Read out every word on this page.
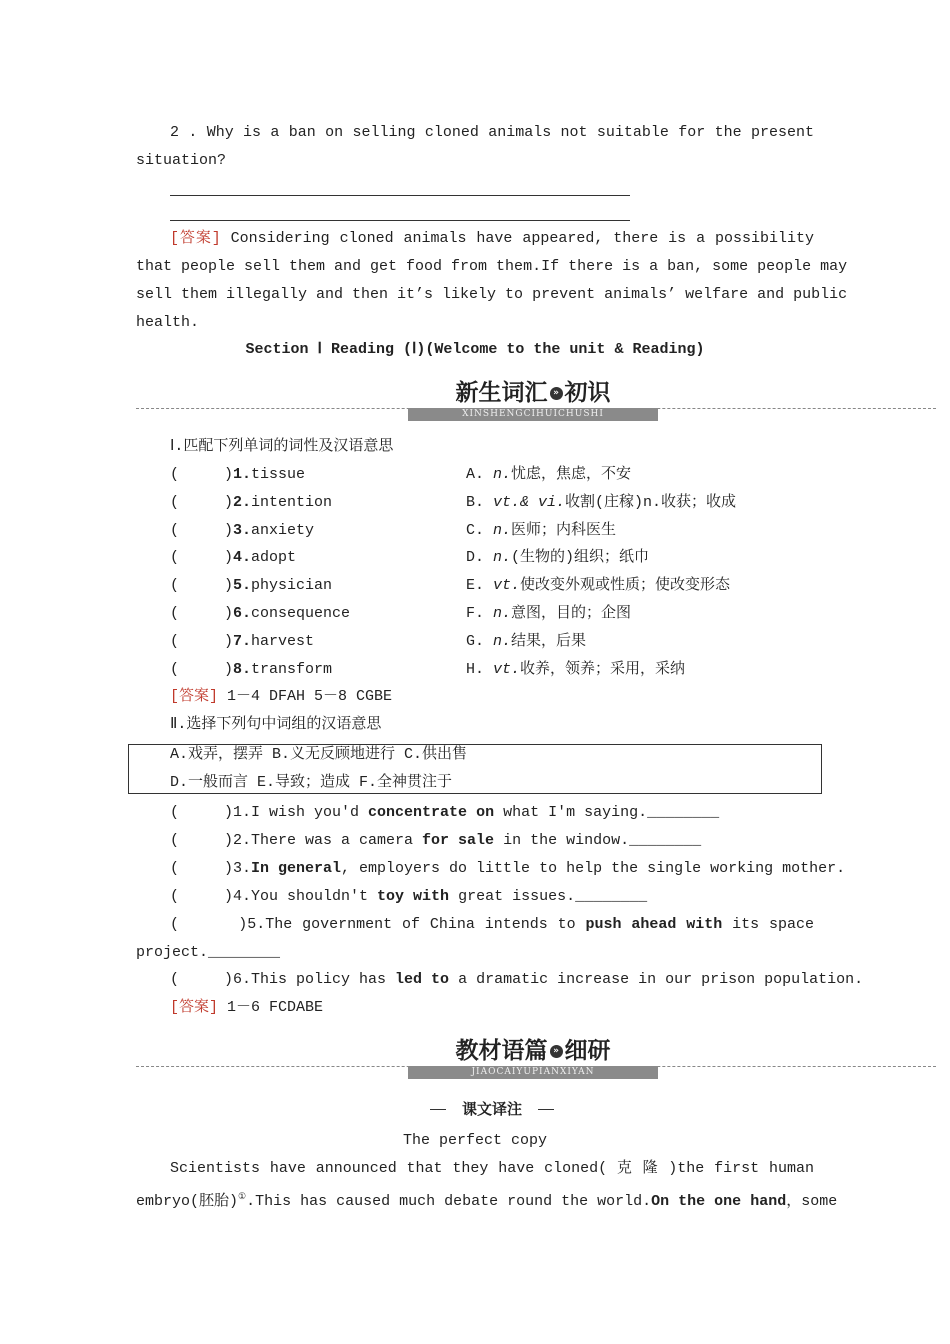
2 . Why is a ban on selling cloned animals not suitable for the present
situation?
[答案] Considering cloned animals have appeared, there is a possibility
that people sell them and get food from them.If there is a ban, some people may
sell them illegally and then it’s likely to prevent animals’ welfare and public
health.
Section Ⅰ Reading (Ⅰ)(Welcome to the unit & Reading)
新生词汇 » 初识
XINSHENGCIHUICHUSHI
Ⅰ.匹配下列单词的词性及汉语意思
(     )1.tissue
(     )2.intention
(     )3.anxiety
(     )4.adopt
(     )5.physician
(     )6.consequence
(     )7.harvest
(     )8.transform
A. n.忧虑，焦虑，不安
B. vt.& vi.收割(庄稼)n.收获；收成
C. n.医师；内科医生
D. n.(生物的)组织；纸巾
E. vt.使改变外观或性质；使改变形态
F. n.意图，目的；企图
G. n.结果，后果
H. vt.收养，领养；采用，采纳
[答案] 1－4 DFAH 5－8 CGBE
Ⅱ.选择下列句中词组的汉语意思
A.戏弄，摆弄 B.义无反顾地进行 C.供出售
D.一般而言 E.导致；造成 F.全神贯注于
(     )1.I wish you'd concentrate on what I'm saying.________
(     )2.There was a camera for sale in the window.________
(     )3.In general, employers do little to help the single working mother.
(     )4.You shouldn't toy with great issues.________
(      )5.The government of China intends to push ahead with its space
project.________
(     )6.This policy has led to a dramatic increase in our prison population.
[答案] 1－6 FCDABE
教材语篇 » 细研
JIAOCAIYUPIANXIYAN
课文译注
The perfect copy
Scientists have announced that they have cloned( 克 隆 )the first human
embryo(胚胎)①.This has caused much debate round the world.On the one hand，some
